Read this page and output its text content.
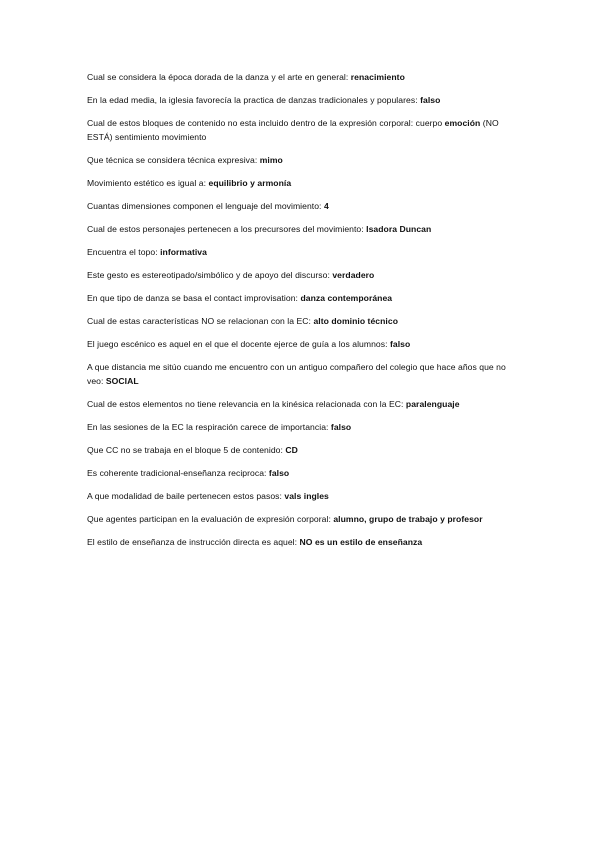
Cual se considera la época dorada de la danza y el arte en general: renacimiento

En la edad media, la iglesia favorecía la practica de danzas tradicionales y populares: falso

Cual de estos bloques de contenido no esta incluido dentro de la expresión corporal: cuerpo emoción (NO ESTÁ) sentimiento movimiento

Que técnica se considera técnica expresiva: mimo

Movimiento estético es igual a: equilibrio y armonía

Cuantas dimensiones componen el lenguaje del movimiento: 4

Cual de estos personajes pertenecen a los precursores del movimiento: Isadora Duncan

Encuentra el topo: informativa

Este gesto es estereotipado/simbólico y de apoyo del discurso: verdadero

En que tipo de danza se basa el contact improvisation: danza contemporánea

Cual de estas características NO se relacionan con la EC: alto dominio técnico

El juego escénico es aquel en el que el docente ejerce de guía a los alumnos: falso

A que distancia me sitúo cuando me encuentro con un antiguo compañero del colegio que hace años que no veo: SOCIAL

Cual de estos elementos no tiene relevancia en la kinésica relacionada con la EC: paralenguaje

En las sesiones de la EC la respiración carece de importancia: falso

Que CC no se trabaja en el bloque 5 de contenido: CD

Es coherente tradicional-enseñanza reciproca: falso

A que modalidad de baile pertenecen estos pasos: vals ingles

Que agentes participan en la evaluación de expresión corporal: alumno, grupo de trabajo y profesor

El estilo de enseñanza de instrucción directa es aquel: NO es un estilo de enseñanza
